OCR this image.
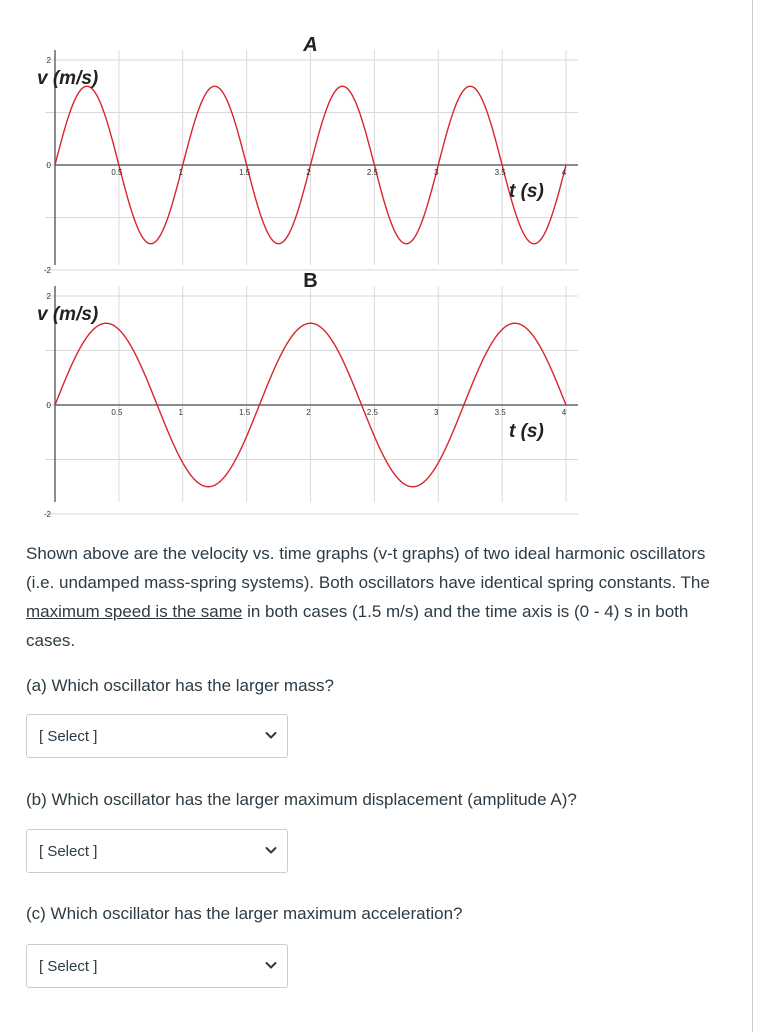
2
0
-2
0.5	1	1.5	2	2.5	3	3.5	4
A
v (m/s)
t (s)
2
0
-2
0.5	1	1.5	2	2.5	3	3.5	4
B
v (m/s)
t (s)

Shown above are the velocity vs. time graphs (v-t graphs) of two ideal harmonic oscillators (i.e. undamped mass-spring systems). Both oscillators have identical spring constants. The maximum speed is the same in both cases (1.5 m/s) and the time axis is (0 - 4) s in both cases.

(a) Which oscillator has the larger mass?

[ Select ]

(b) Which oscillator has the larger maximum displacement (amplitude A)?

[ Select ]

(c) Which oscillator has the larger maximum acceleration?

[ Select ]
